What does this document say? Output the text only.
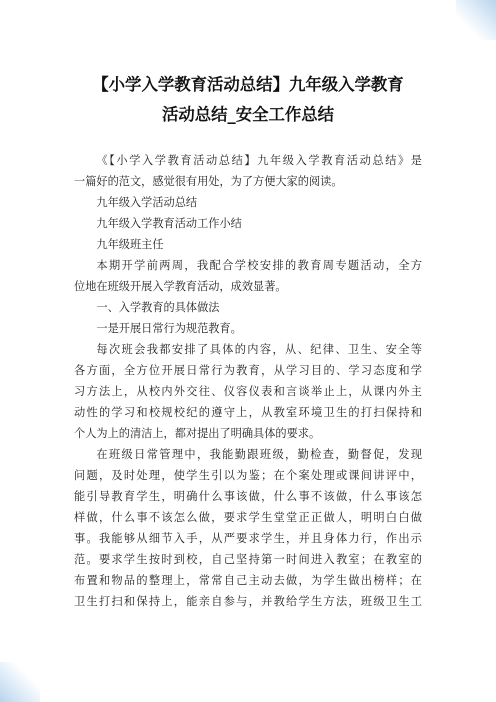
【小学入学教育活动总结】九年级入学教育
活动总结_安全工作总结

《【小学入学教育活动总结】九年级入学教育活动总结》是

一篇好的范文，感觉很有用处，为了方便大家的阅读。

九年级入学活动总结

九年级入学教育活动工作小结

九年级班主任

本期开学前两周，我配合学校安排的教育周专题活动，全方

位地在班级开展入学教育活动，成效显著。

一、入学教育的具体做法

一是开展日常行为规范教育。

每次班会我都安排了具体的内容，从、纪律、卫生、安全等

各方面，全方位开展日常行为教育，从学习目的、学习态度和学

习方法上，从校内外交往、仪容仪表和言谈举止上，从课内外主

动性的学习和校规校纪的遵守上，从教室环境卫生的打扫保持和

个人为上的清洁上，都对提出了明确具体的要求。

在班级日常管理中，我能勤跟班级，勤检查，勤督促，发现

问题，及时处理，使学生引以为鉴；在个案处理或课间讲评中，

能引导教育学生，明确什么事该做，什么事不该做，什么事该怎

样做，什么事不该怎么做，要求学生堂堂正正做人，明明白白做

事。我能够从细节入手，从严要求学生，并且身体力行，作出示

范。要求学生按时到校，自己坚持第一时间进入教室；在教室的

布置和物品的整理上，常常自己主动去做，为学生做出榜样；在

卫生打扫和保持上，能亲自参与，并教给学生方法，班级卫生工
